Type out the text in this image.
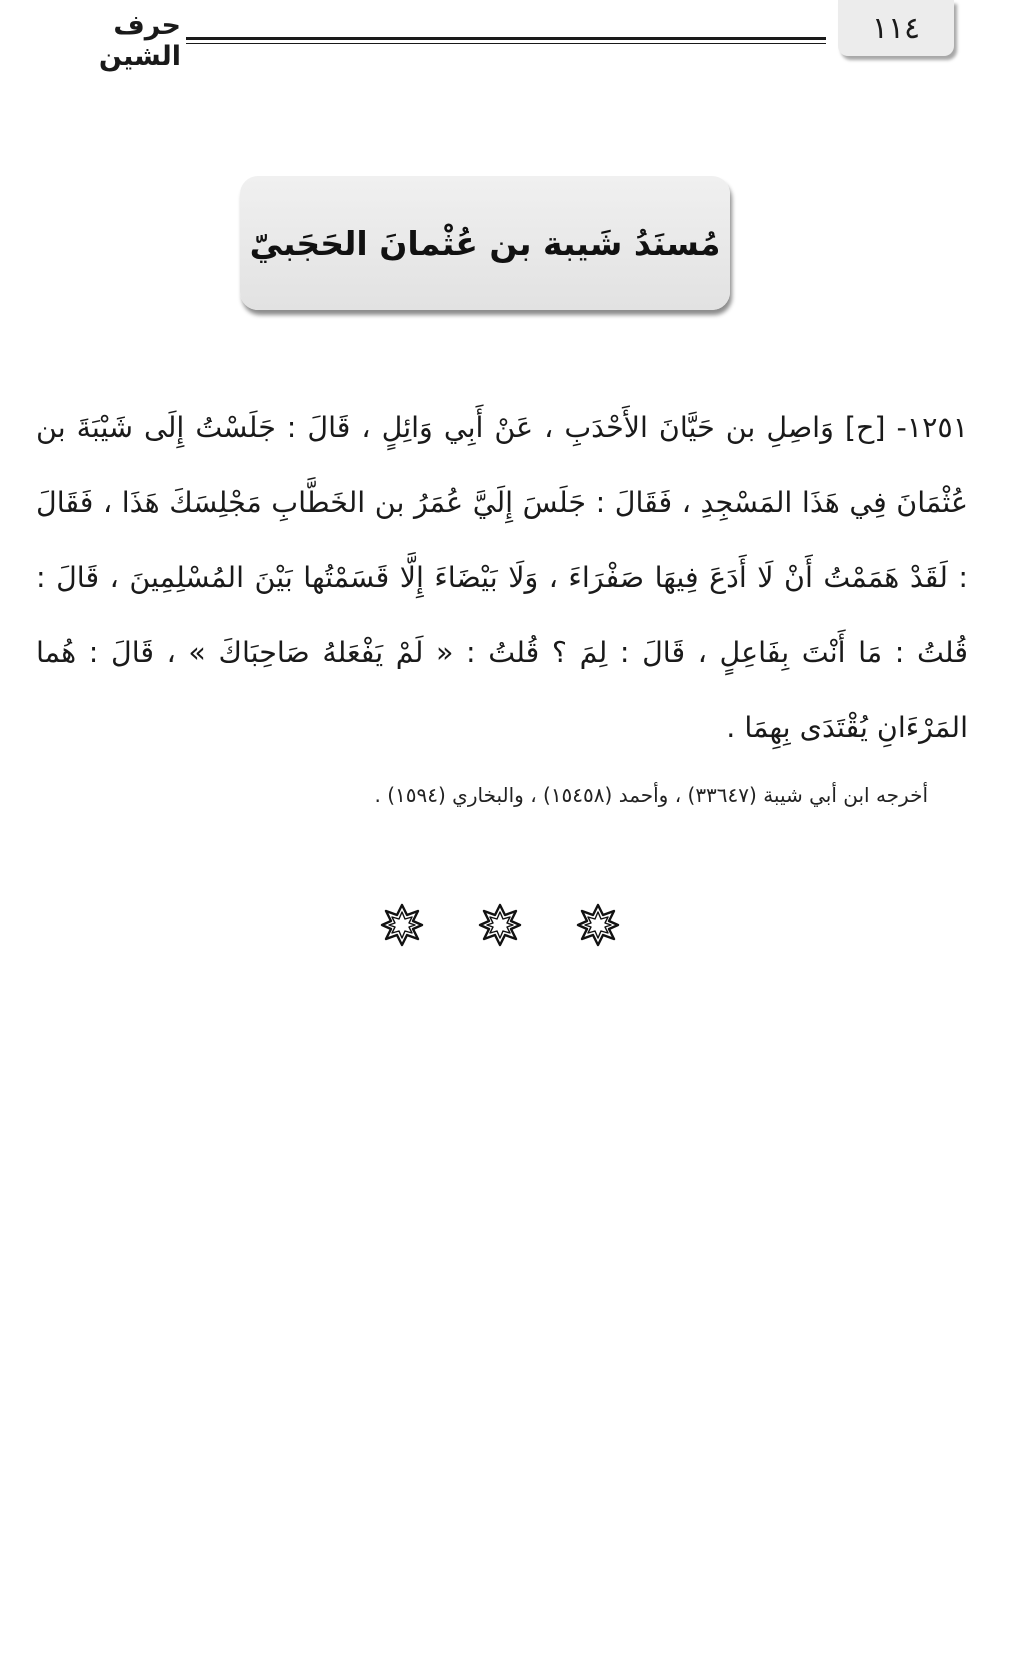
١١٤
حرف الشين
مُسنَدُ شَيبة بن عُثْمانَ الحَجَبيّ
١٢٥١- [ح] وَاصِلِ بن حَيَّانَ الأَحْدَبِ ، عَنْ أَبِي وَائِلٍ ، قَالَ : جَلَسْتُ إِلَى شَيْبَةَ بن عُثْمَانَ فِي هَذَا المَسْجِدِ ، فَقَالَ : جَلَسَ إِلَيَّ عُمَرُ بن الخَطَّابِ مَجْلِسَكَ هَذَا ، فَقَالَ : لَقَدْ هَمَمْتُ أَنْ لَا أَدَعَ فِيهَا صَفْرَاءَ ، وَلَا بَيْضَاءَ إِلَّا قَسَمْتُها بَيْنَ المُسْلِمِينَ ، قَالَ : قُلتُ : مَا أَنْتَ بِفَاعِلٍ ، قَالَ : لِمَ ؟ قُلتُ : « لَمْ يَفْعَلهُ صَاحِبَاكَ » ، قَالَ : هُما المَرْءَانِ يُقْتَدَى بِهِمَا .
أخرجه ابن أبي شيبة (٣٣٦٤٧) ، وأحمد (١٥٤٥٨) ، والبخاري (١٥٩٤) .
